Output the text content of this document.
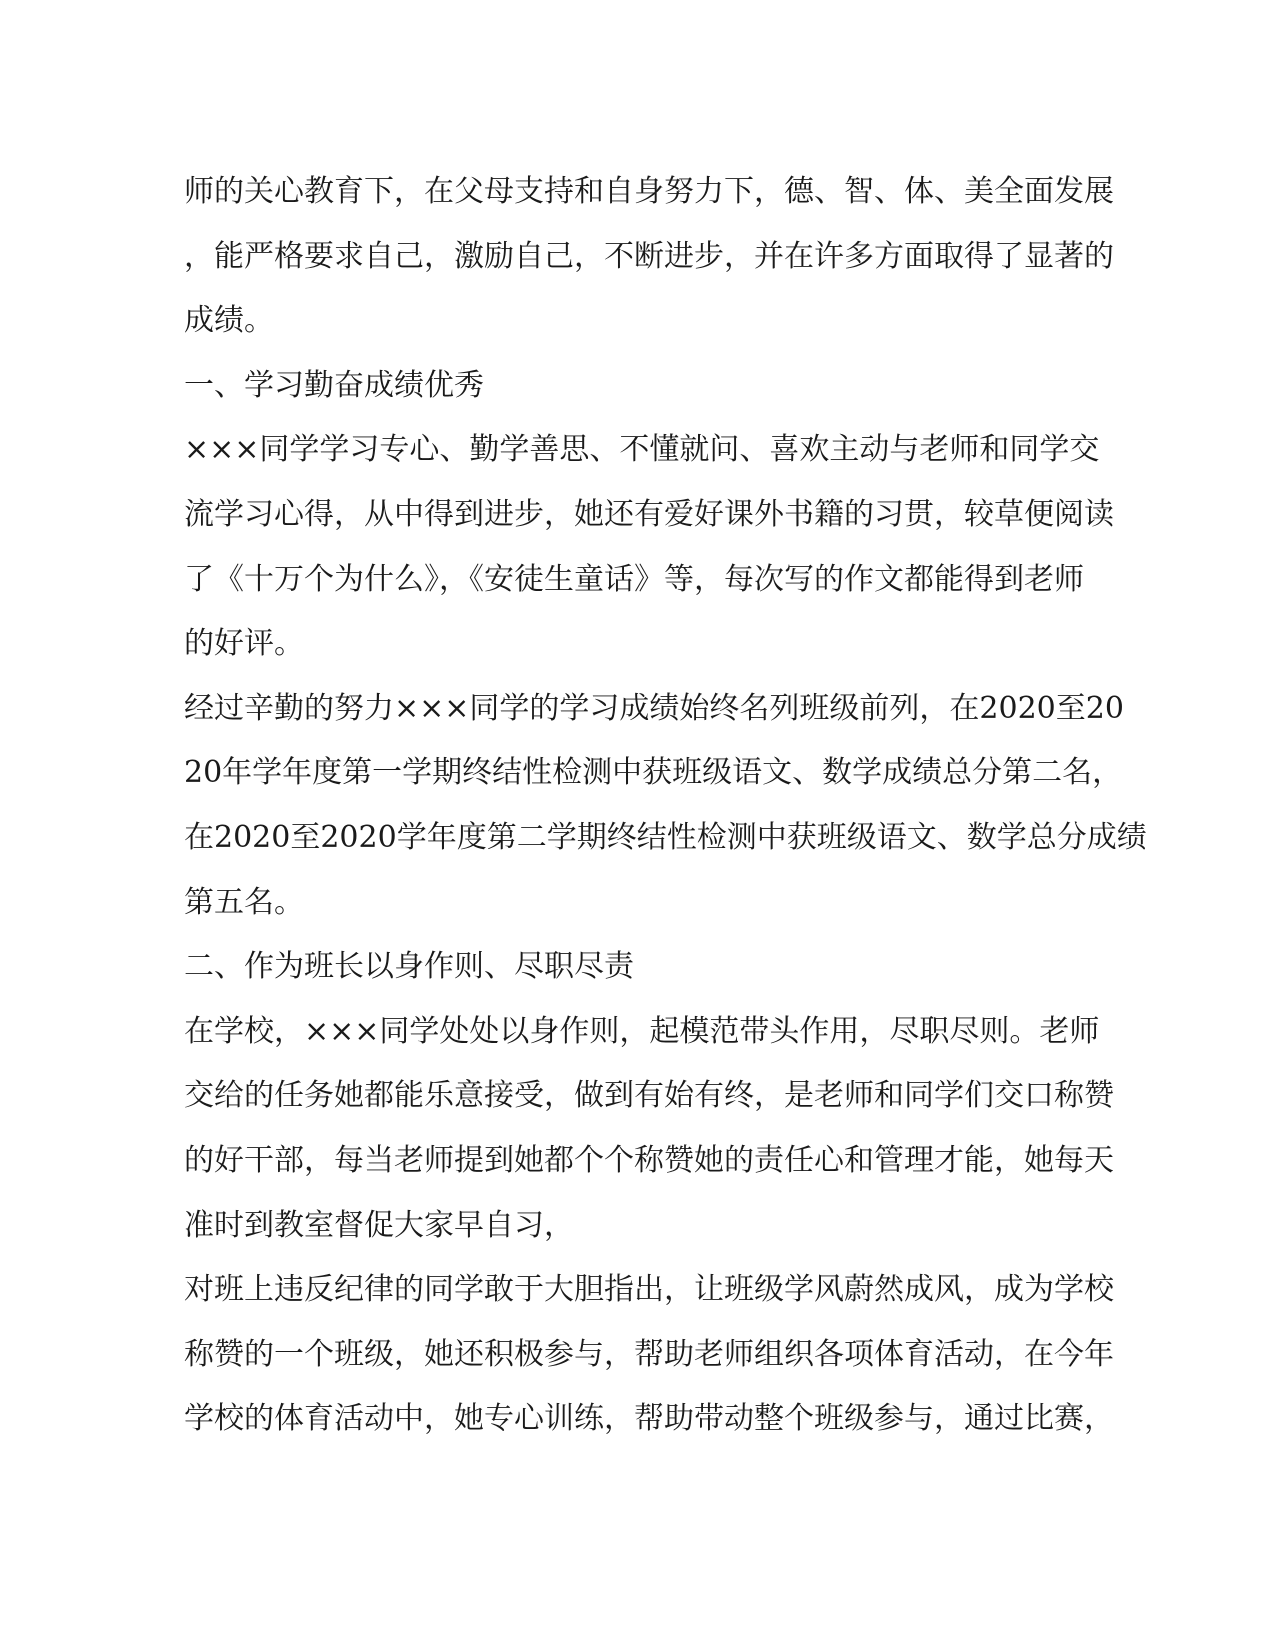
师的关心教育下，在父母支持和自身努力下，德、智、体、美全面发展
，能严格要求自己，激励自己，不断进步，并在许多方面取得了显著的
成绩。
一、学习勤奋成绩优秀
×××同学学习专心、勤学善思、不懂就问、喜欢主动与老师和同学交
流学习心得，从中得到进步，她还有爱好课外书籍的习贯，较草便阅读
了《十万个为什么》，《安徒生童话》等，每次写的作文都能得到老师
的好评。
经过辛勤的努力×××同学的学习成绩始终名列班级前列，在2020至20
20年学年度第一学期终结性检测中获班级语文、数学成绩总分第二名，
在2020至2020学年度第二学期终结性检测中获班级语文、数学总分成绩
第五名。
二、作为班长以身作则、尽职尽责
在学校，×××同学处处以身作则，起模范带头作用，尽职尽则。老师
交给的任务她都能乐意接受，做到有始有终，是老师和同学们交口称赞
的好干部，每当老师提到她都个个称赞她的责任心和管理才能，她每天
准时到教室督促大家早自习，
对班上违反纪律的同学敢于大胆指出，让班级学风蔚然成风，成为学校
称赞的一个班级，她还积极参与，帮助老师组织各项体育活动，在今年
学校的体育活动中，她专心训练，帮助带动整个班级参与，通过比赛，
